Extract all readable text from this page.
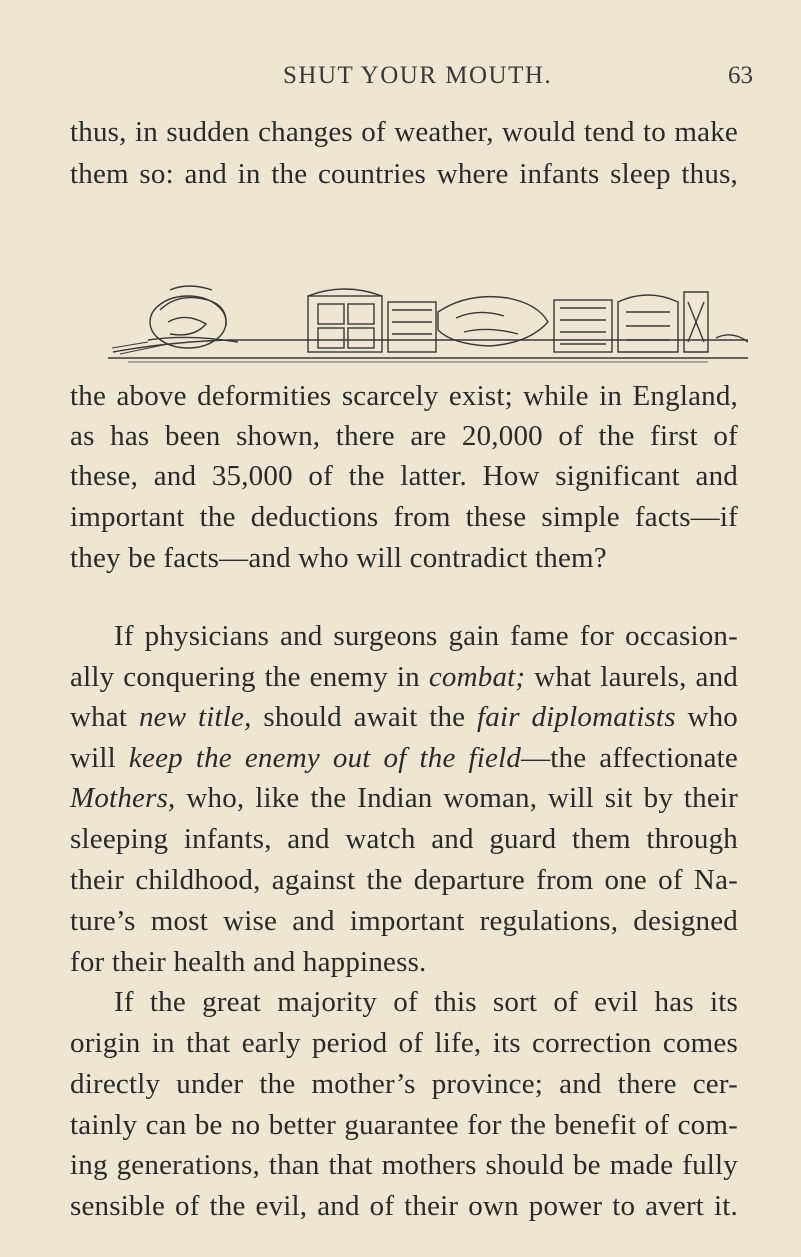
SHUT YOUR MOUTH.	63
thus, in sudden changes of weather, would tend to make
them so: and in the countries where infants sleep thus,
the above deformities scarcely exist; while in England,
as has been shown, there are 20,000 of the first of
these, and 35,000 of the latter. How significant and
important the deductions from these simple facts—if
they be facts—and who will contradict them?
If physicians and surgeons gain fame for occasion-
ally conquering the enemy in combat; what laurels, and
what new title, should await the fair diplomatists who
will keep the enemy out of the field—the affectionate
Mothers, who, like the Indian woman, will sit by their
sleeping infants, and watch and guard them through
their childhood, against the departure from one of Na-
ture’s most wise and important regulations, designed
for their health and happiness.
If the great majority of this sort of evil has its
origin in that early period of life, its correction comes
directly under the mother’s province; and there cer-
tainly can be no better guarantee for the benefit of com-
ing generations, than that mothers should be made fully
sensible of the evil, and of their own power to avert it.
